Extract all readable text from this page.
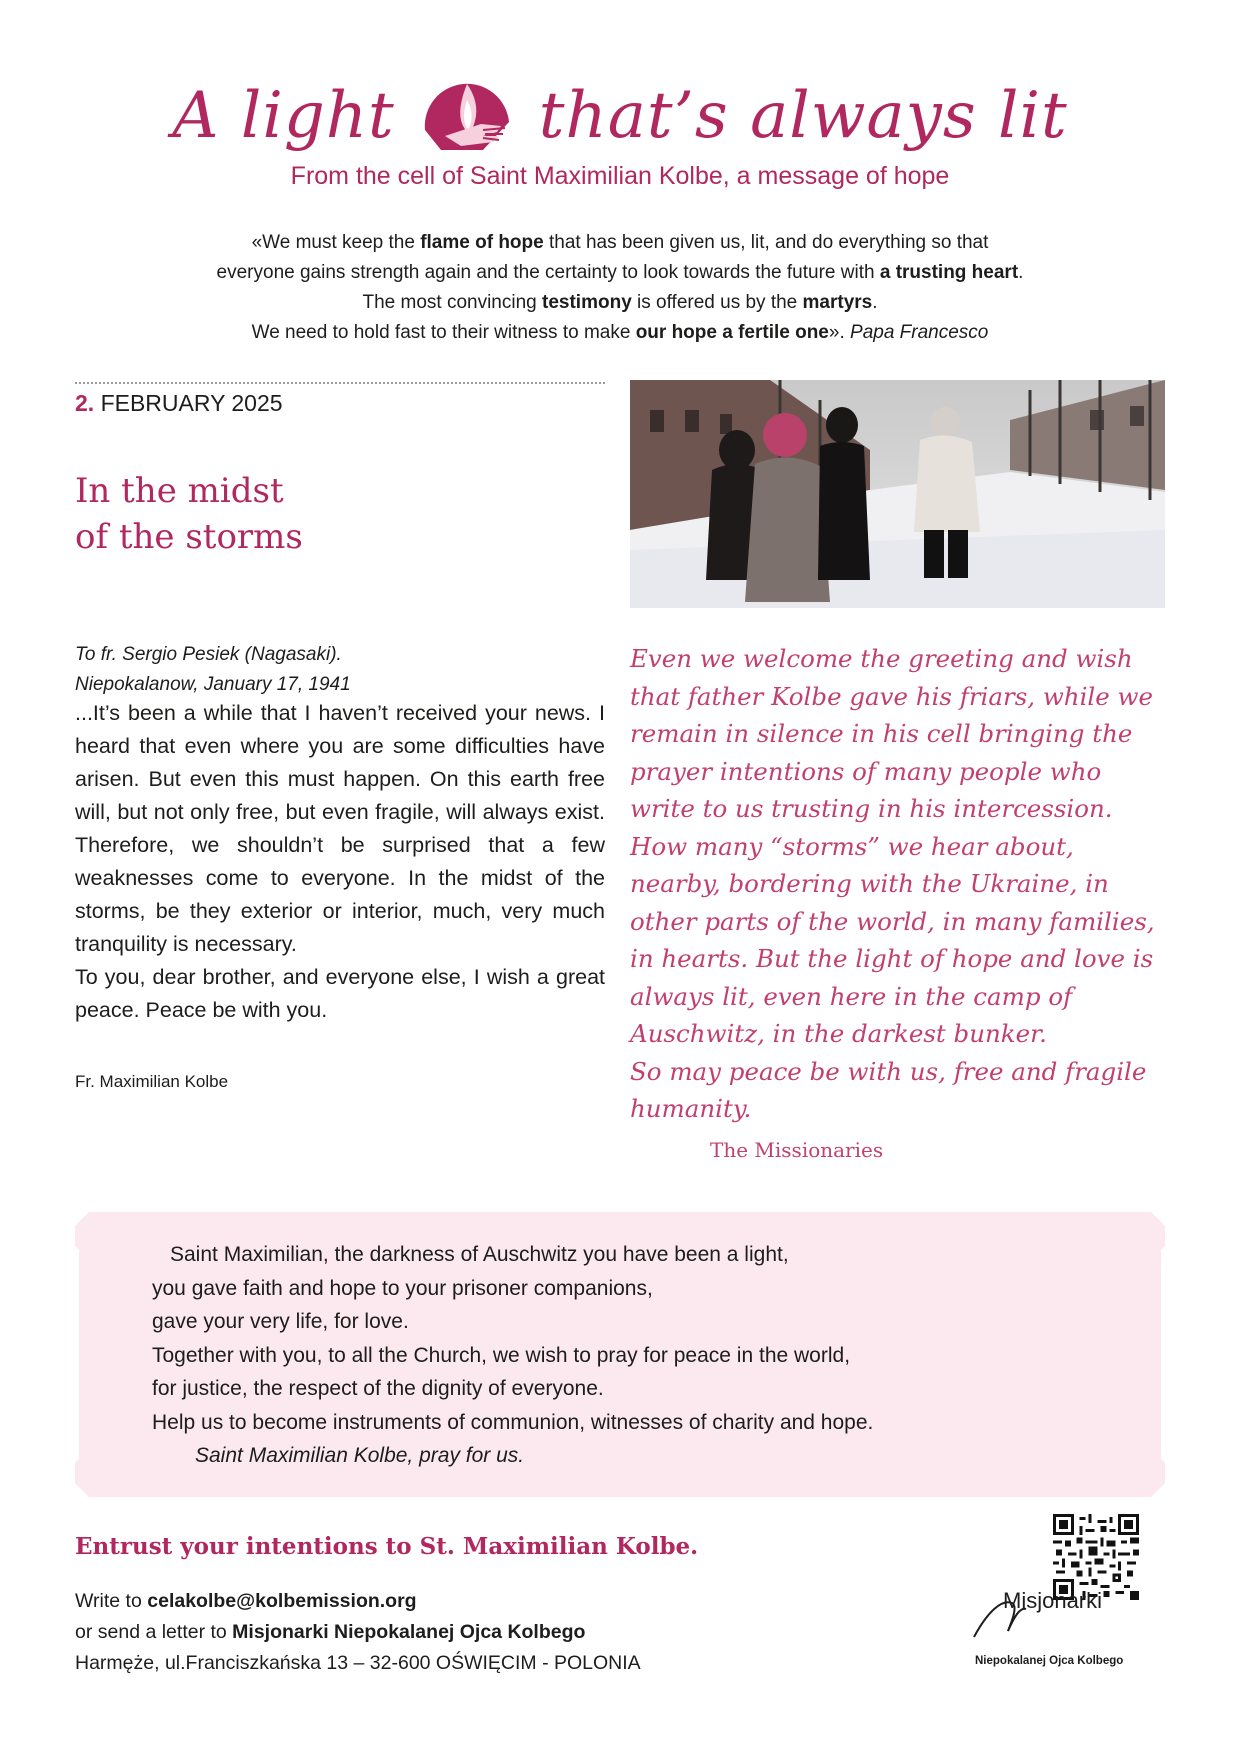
A light that’s always lit
From the cell of Saint Maximilian Kolbe, a message of hope
«We must keep the flame of hope that has been given us, lit, and do everything so that
everyone gains strength again and the certainty to look towards the future with a trusting heart.
The most convincing testimony is offered us by the martyrs.
We need to hold fast to their witness to make our hope a fertile one». Papa Francesco
2. FEBRUARY 2025
In the midst
of the storms
To fr. Sergio Pesiek (Nagasaki).
Niepokalanow, January 17, 1941

...It’s been a while that I haven’t received your news. I heard that even where you are some difficulties have arisen. But even this must happen. On this earth free will, but not only free, but even fragile, will always exist. Therefore, we shouldn’t be surprised that a few weaknesses come to everyone. In the midst of the storms, be they exterior or interior, much, very much tranquility is necessary.

To you, dear brother, and everyone else, I wish a great peace. Peace be with you.

Fr. Maximilian Kolbe

Even we welcome the greeting and wish that father Kolbe gave his friars, while we remain in silence in his cell bringing the prayer intentions of many people who write to us trusting in his intercession. How many “storms” we hear about, nearby, bordering with the Ukraine, in other parts of the world, in many families, in hearts. But the light of hope and love is always lit, even here in the camp of Auschwitz, in the darkest bunker.

So may peace be with us, free and fragile humanity.

The Missionaries
Saint Maximilian, the darkness of Auschwitz you have been a light,
you gave faith and hope to your prisoner companions,
gave your very life, for love.
Together with you, to all the Church, we wish to pray for peace in the world,
for justice, the respect of the dignity of everyone.
Help us to become instruments of communion, witnesses of charity and hope.
Saint Maximilian Kolbe, pray for us.
Entrust your intentions to St. Maximilian Kolbe.
Write to celakolbe@kolbemission.org
or send a letter to Misjonarki Niepokalanej Ojca Kolbego
Harmęże, ul.Franciszkańska 13 – 32-600 OŚWIĘCIM - POLONIA
Misjonarki
Niepokalanej Ojca Kolbego
